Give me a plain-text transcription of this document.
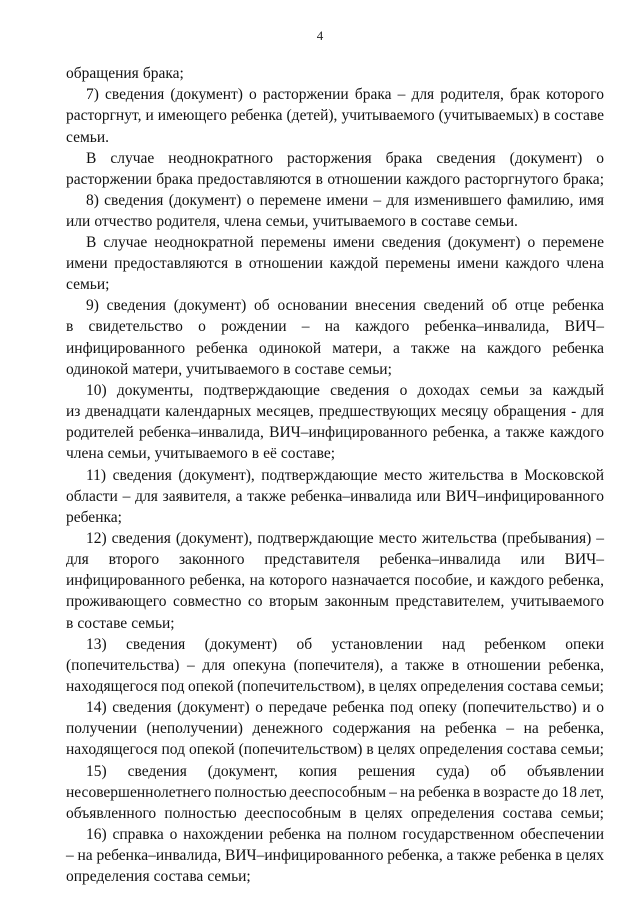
4
обращения брака;
7) сведения (документ) о расторжении брака – для родителя, брак которого
расторгнут, и имеющего ребенка (детей), учитываемого (учитываемых) в составе
семьи.
В случае неоднократного расторжения брака сведения (документ) о
расторжении брака предоставляются в отношении каждого расторгнутого брака;
8) сведения (документ) о перемене имени – для изменившего фамилию, имя
или отчество родителя, члена семьи, учитываемого в составе семьи.
В случае неоднократной перемены имени сведения (документ) о перемене
имени предоставляются в отношении каждой перемены имени каждого члена
семьи;
9) сведения (документ) об основании внесения сведений об отце ребенка
в свидетельство о рождении – на каждого ребенка–инвалида, ВИЧ–
инфицированного ребенка одинокой матери, а также на каждого ребенка
одинокой матери, учитываемого в составе семьи;
10) документы, подтверждающие сведения о доходах семьи за каждый
из двенадцати календарных месяцев, предшествующих месяцу обращения - для
родителей ребенка–инвалида, ВИЧ–инфицированного ребенка, а также каждого
члена семьи, учитываемого в её составе;
11) сведения (документ), подтверждающие место жительства в Московской
области – для заявителя, а также ребенка–инвалида или ВИЧ–инфицированного
ребенка;
12) сведения (документ), подтверждающие место жительства (пребывания) –
для второго законного представителя ребенка–инвалида или ВИЧ–
инфицированного ребенка, на которого назначается пособие, и каждого ребенка,
проживающего совместно со вторым законным представителем, учитываемого
в составе семьи;
13) сведения (документ) об установлении над ребенком опеки
(попечительства) – для опекуна (попечителя), а также в отношении ребенка,
находящегося под опекой (попечительством), в целях определения состава семьи;
14) сведения (документ) о передаче ребенка под опеку (попечительство) и о
получении (неполучении) денежного содержания на ребенка – на ребенка,
находящегося под опекой (попечительством) в целях определения состава семьи;
15) сведения (документ, копия решения суда) об объявлении
несовершеннолетнего полностью дееспособным – на ребенка в возрасте до 18 лет,
объявленного полностью дееспособным в целях определения состава семьи;
16) справка о нахождении ребенка на полном государственном обеспечении
– на ребенка–инвалида, ВИЧ–инфицированного ребенка, а также ребенка в целях
определения состава семьи;
